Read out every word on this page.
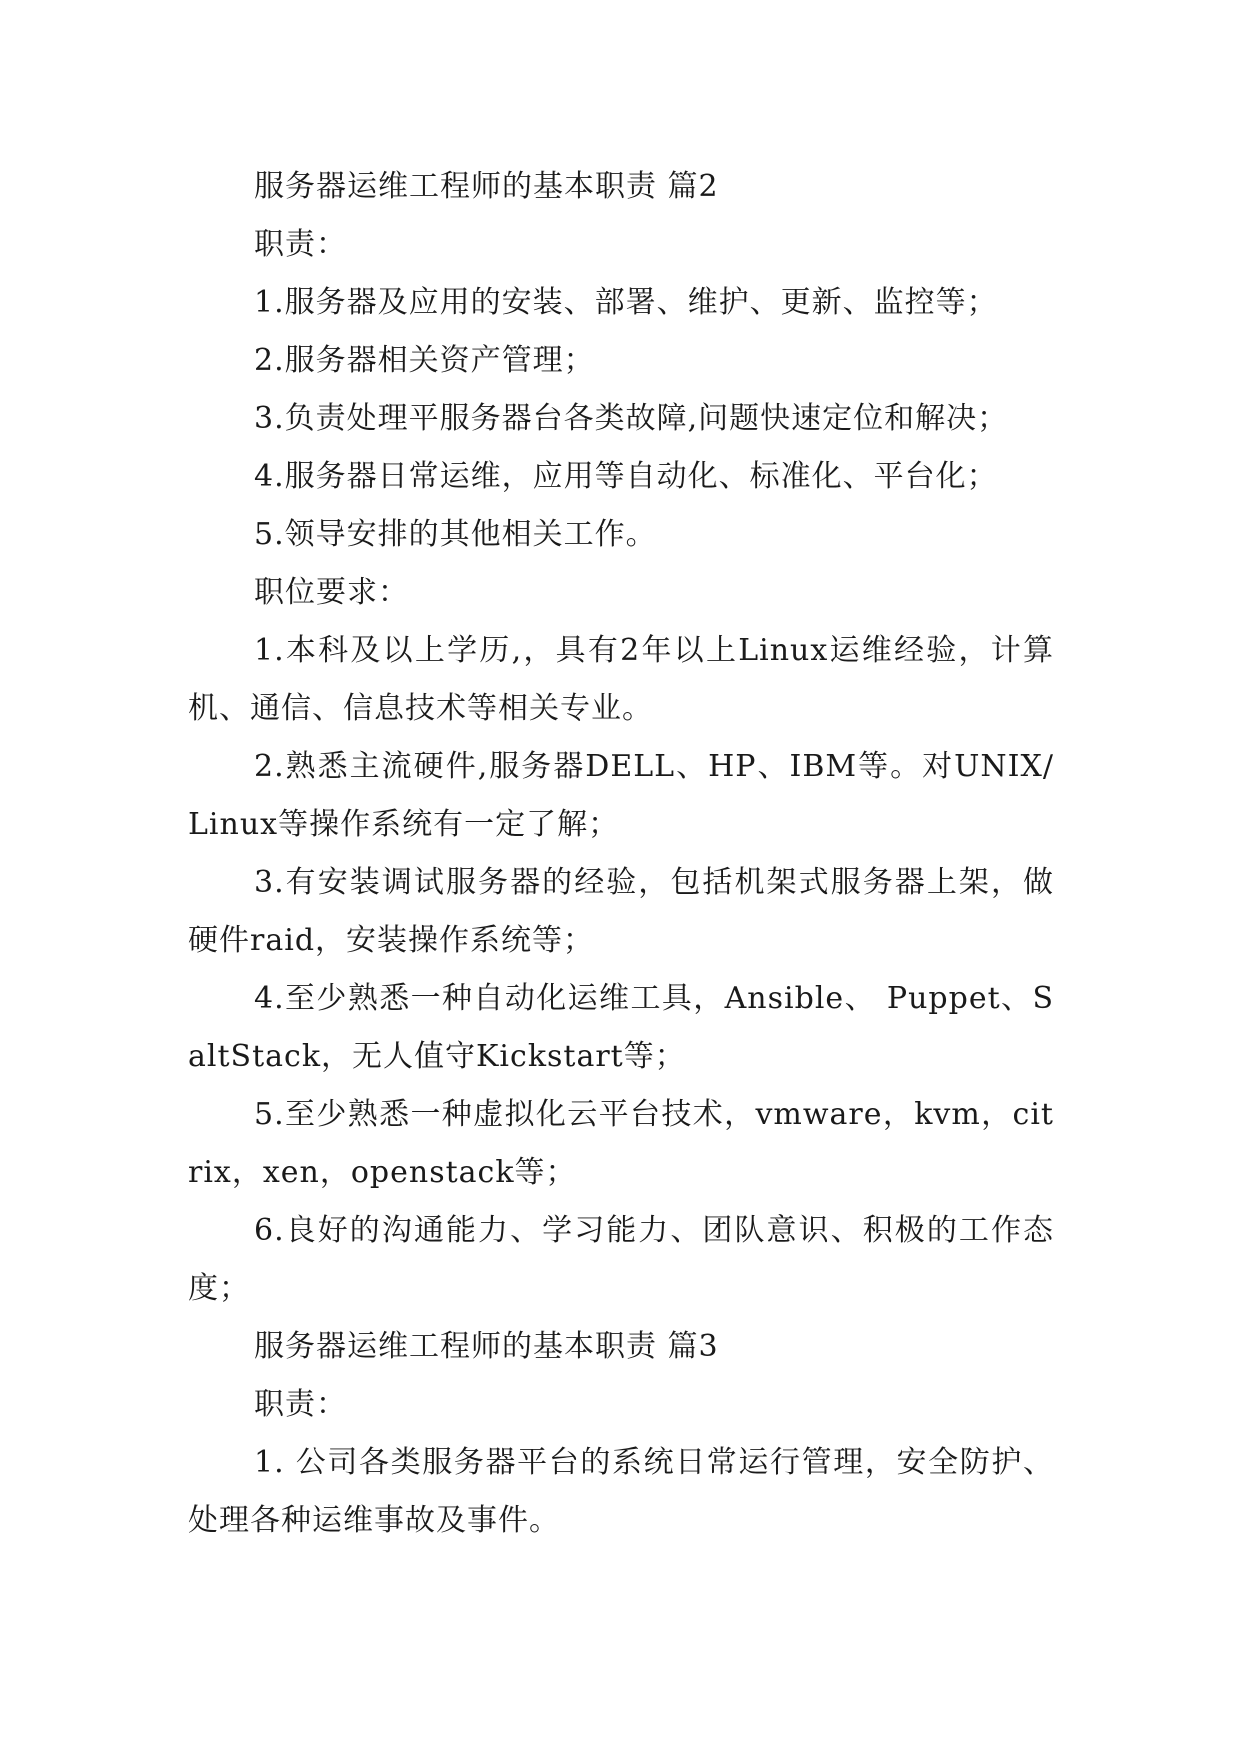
服务器运维工程师的基本职责 篇2

职责：

1.服务器及应用的安装、部署、维护、更新、监控等；

2.服务器相关资产管理；

3.负责处理平服务器台各类故障,问题快速定位和解决；

4.服务器日常运维，应用等自动化、标准化、平台化；

5.领导安排的其他相关工作。

职位要求：

1.本科及以上学历,，具有2年以上Linux运维经验，计算机、通信、信息技术等相关专业。

2.熟悉主流硬件,服务器DELL、HP、IBM等。对UNIX/Linux等操作系统有一定了解；

3.有安装调试服务器的经验，包括机架式服务器上架，做硬件raid，安装操作系统等；

4.至少熟悉一种自动化运维工具，Ansible、 Puppet、SaltStack，无人值守Kickstart等；

5.至少熟悉一种虚拟化云平台技术，vmware，kvm，citrix，xen，openstack等；

6.良好的沟通能力、学习能力、团队意识、积极的工作态度；

服务器运维工程师的基本职责 篇3

职责：

1. 公司各类服务器平台的系统日常运行管理，安全防护、处理各种运维事故及事件。
